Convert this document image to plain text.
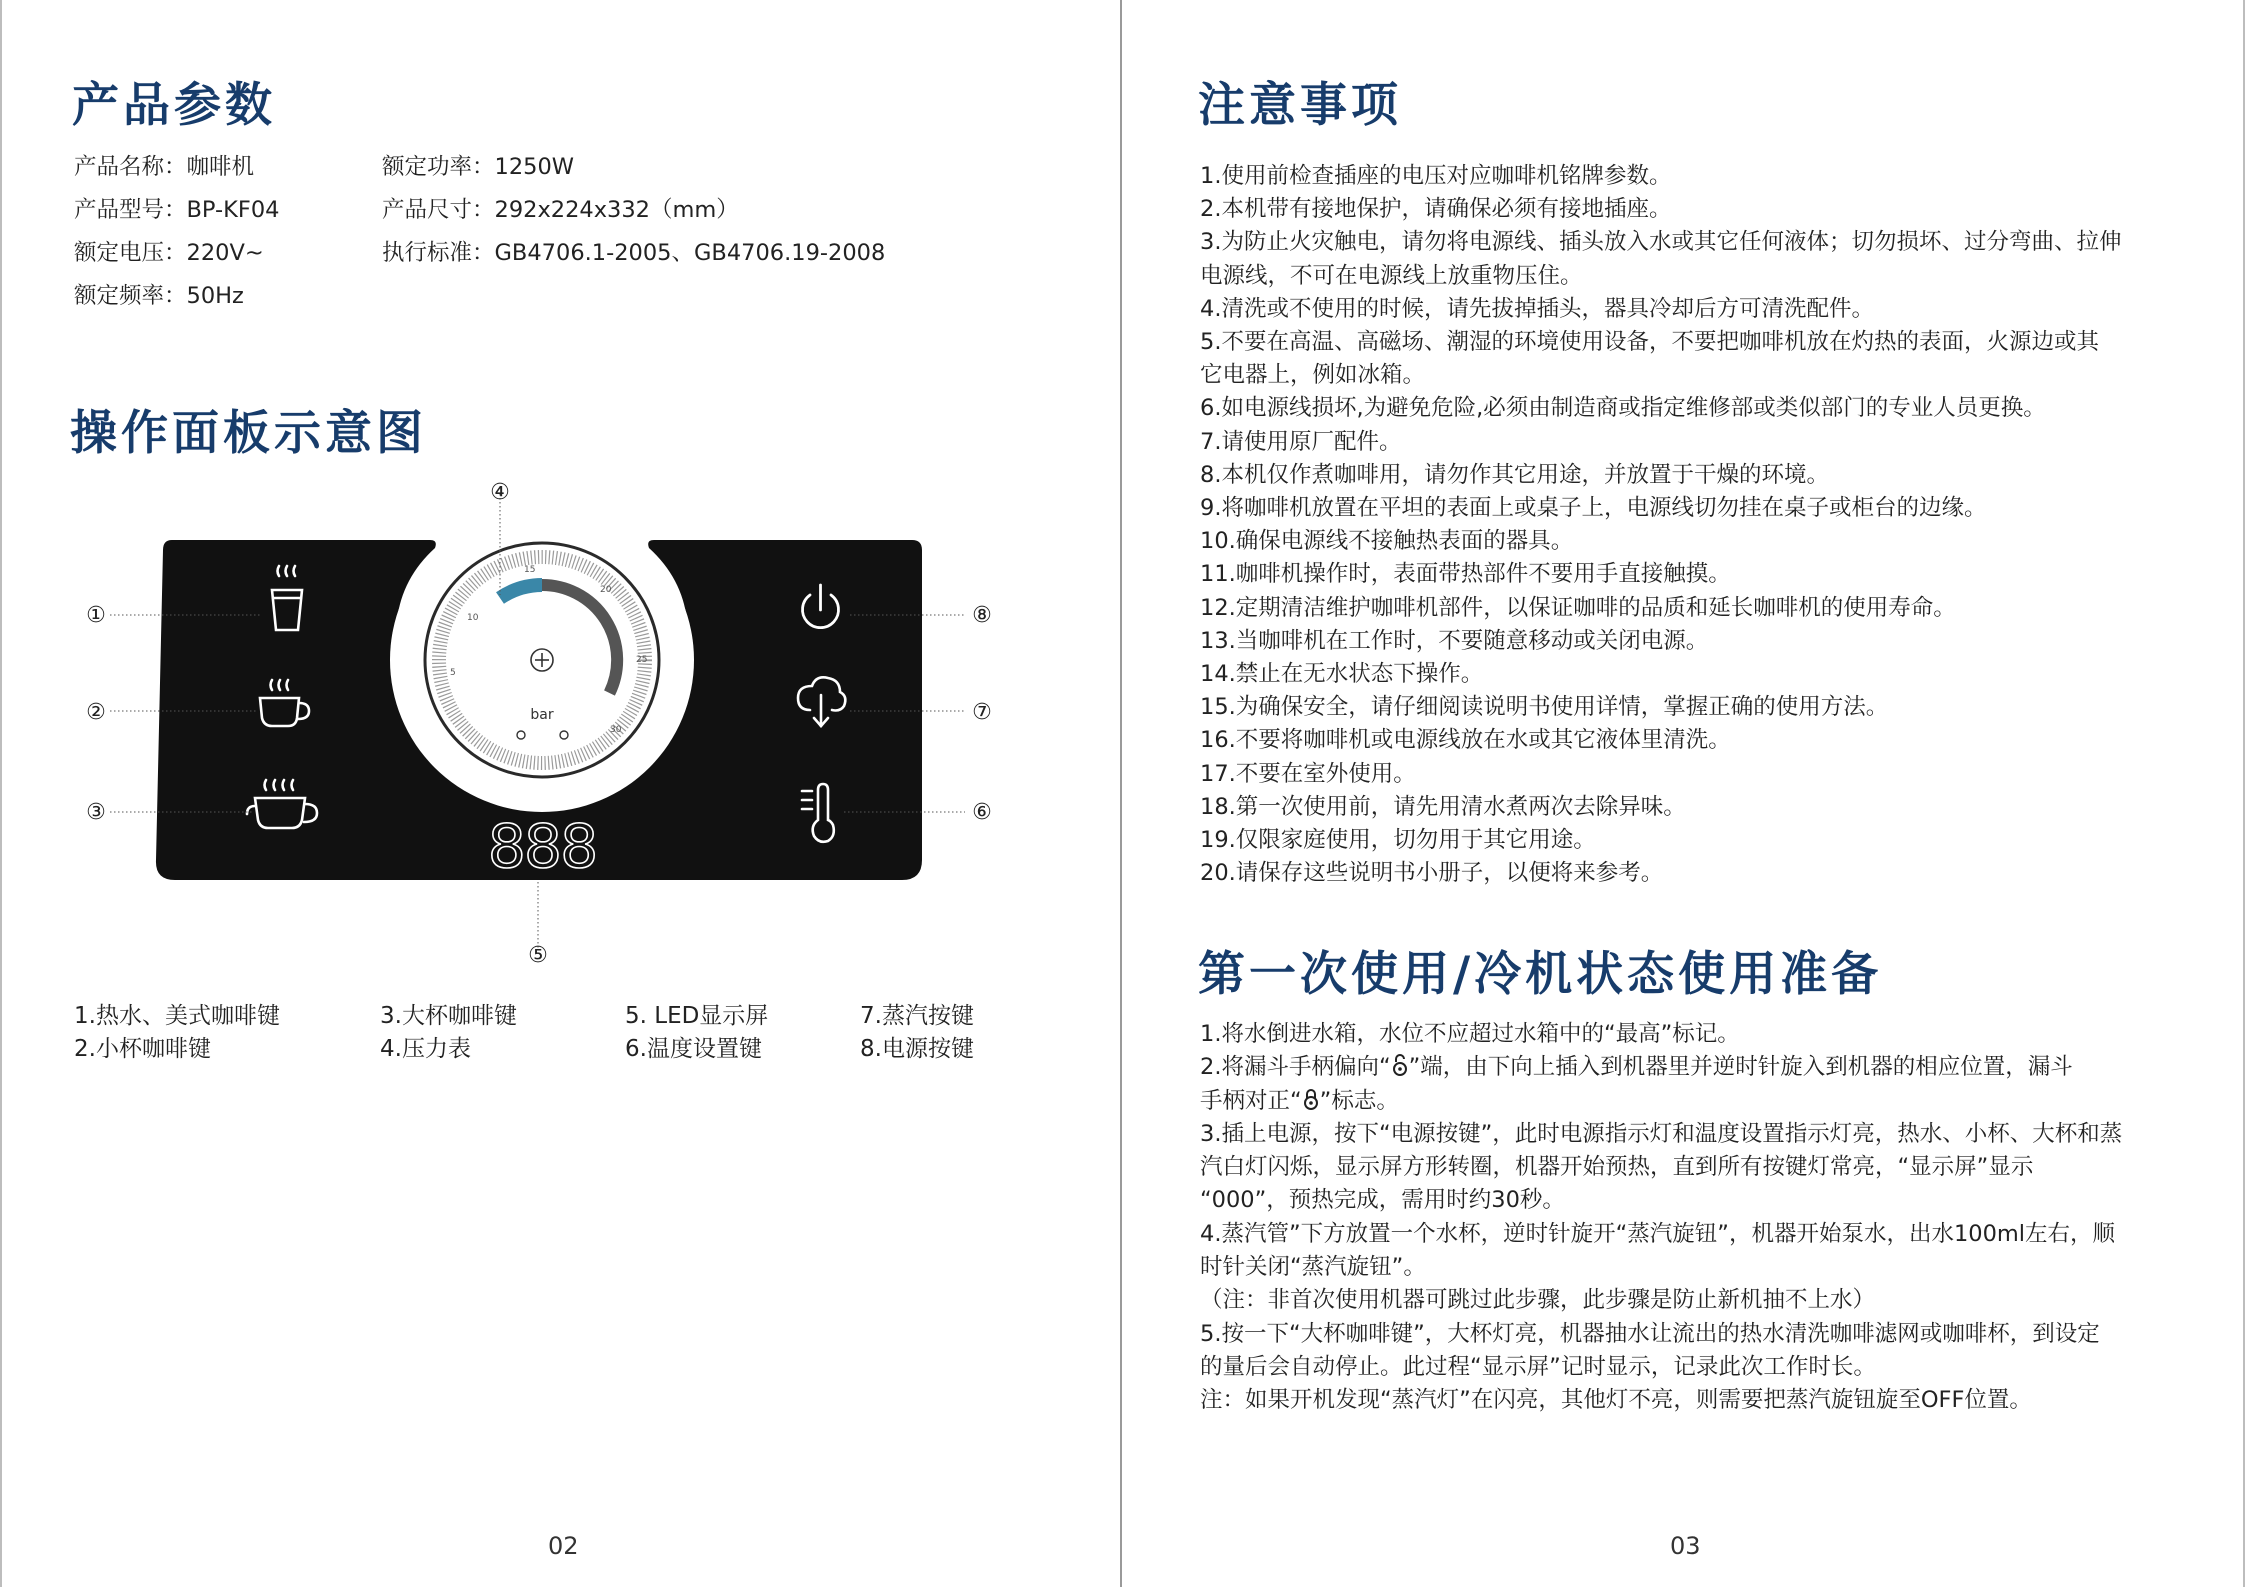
产品参数
产品名称：咖啡机
产品型号：BP-KF04
额定电压：220V~
额定频率：50Hz
额定功率：1250W
产品尺寸：292x224x332（mm）
执行标准：GB4706.1-2005、GB4706.19-2008
操作面板示意图
5
10
15
20
25
30
bar
888
①
②
③
④
⑤
⑥
⑦
⑧
1.热水、美式咖啡键
2.小杯咖啡键
3.大杯咖啡键
4.压力表
5. LED显示屏
6.温度设置键
7.蒸汽按键
8.电源按键
02
注意事项
1.使用前检查插座的电压对应咖啡机铭牌参数。
2.本机带有接地保护，请确保必须有接地插座。
3.为防止火灾触电，请勿将电源线、插头放入水或其它任何液体；切勿损坏、过分弯曲、拉伸
电源线，不可在电源线上放重物压住。
4.清洗或不使用的时候，请先拔掉插头，器具冷却后方可清洗配件。
5.不要在高温、高磁场、潮湿的环境使用设备，不要把咖啡机放在灼热的表面，火源边或其
它电器上，例如冰箱。
6.如电源线损坏,为避免危险,必须由制造商或指定维修部或类似部门的专业人员更换。
7.请使用原厂配件。
8.本机仅作煮咖啡用，请勿作其它用途，并放置于干燥的环境。
9.将咖啡机放置在平坦的表面上或桌子上，电源线切勿挂在桌子或柜台的边缘。
10.确保电源线不接触热表面的器具。
11.咖啡机操作时，表面带热部件不要用手直接触摸。
12.定期清洁维护咖啡机部件，以保证咖啡的品质和延长咖啡机的使用寿命。
13.当咖啡机在工作时，不要随意移动或关闭电源。
14.禁止在无水状态下操作。
15.为确保安全，请仔细阅读说明书使用详情，掌握正确的使用方法。
16.不要将咖啡机或电源线放在水或其它液体里清洗。
17.不要在室外使用。
18.第一次使用前，请先用清水煮两次去除异味。
19.仅限家庭使用，切勿用于其它用途。
20.请保存这些说明书小册子，以便将来参考。
第一次使用/冷机状态使用准备
1.将水倒进水箱，水位不应超过水箱中的“最高”标记。
2.将漏斗手柄偏向“ ”端，由下向上插入到机器里并逆时针旋入到机器的相应位置，漏斗
手柄对正“ ”标志。
3.插上电源，按下“电源按键”，此时电源指示灯和温度设置指示灯亮，热水、小杯、大杯和蒸
汽白灯闪烁，显示屏方形转圈，机器开始预热，直到所有按键灯常亮，“显示屏”显示
“000”，预热完成，需用时约30秒。
4.蒸汽管”下方放置一个水杯，逆时针旋开“蒸汽旋钮”，机器开始泵水，出水100ml左右，顺
时针关闭“蒸汽旋钮”。
（注：非首次使用机器可跳过此步骤，此步骤是防止新机抽不上水）
5.按一下“大杯咖啡键”，大杯灯亮，机器抽水让流出的热水清洗咖啡滤网或咖啡杯，到设定
的量后会自动停止。此过程“显示屏”记时显示，记录此次工作时长。
注：如果开机发现“蒸汽灯”在闪亮，其他灯不亮，则需要把蒸汽旋钮旋至OFF位置。
03
